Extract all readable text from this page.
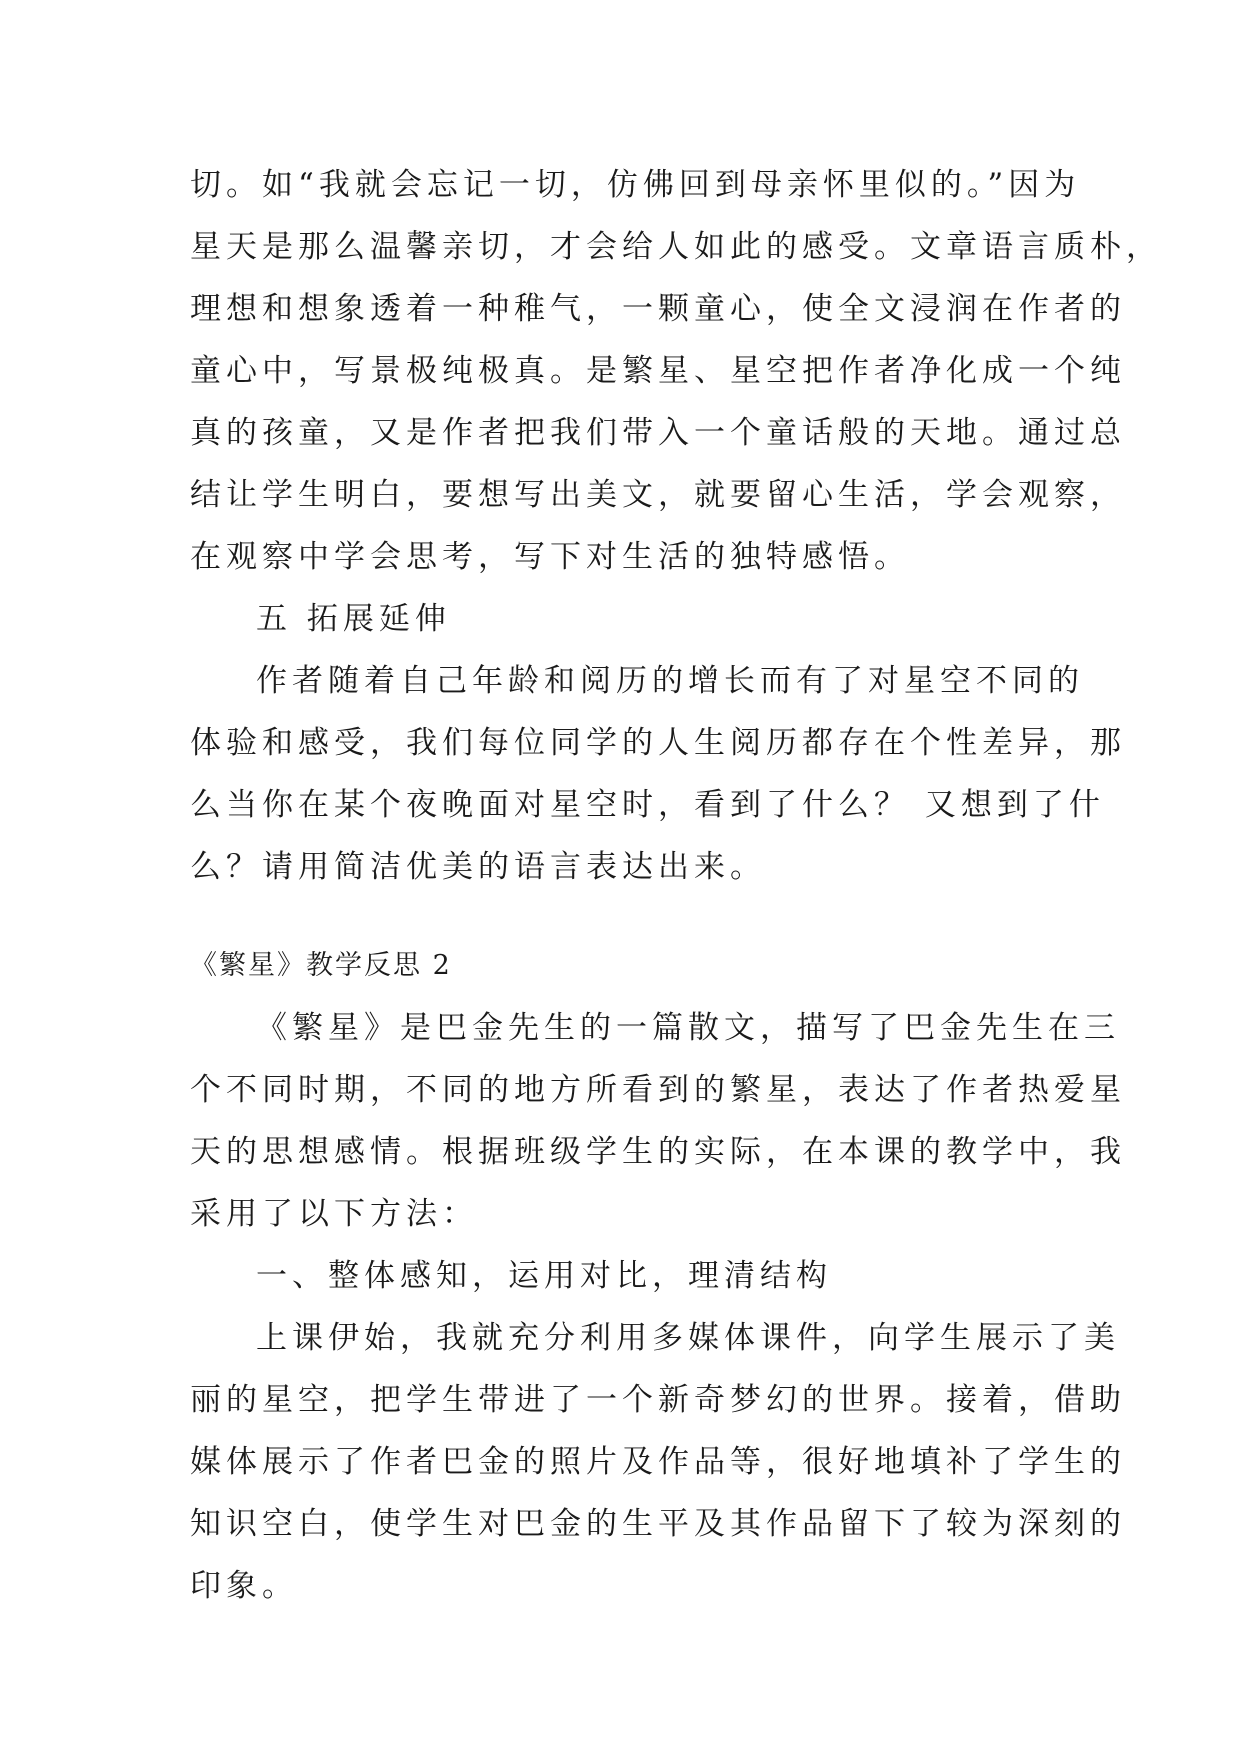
切。如“我就会忘记一切，仿佛回到母亲怀里似的。”因为
星天是那么温馨亲切，才会给人如此的感受。文章语言质朴，
理想和想象透着一种稚气，一颗童心，使全文浸润在作者的
童心中，写景极纯极真。是繁星、星空把作者净化成一个纯
真的孩童，又是作者把我们带入一个童话般的天地。通过总
结让学生明白，要想写出美文，就要留心生活，学会观察，
在观察中学会思考，写下对生活的独特感悟。
五 拓展延伸
作者随着自己年龄和阅历的增长而有了对星空不同的
体验和感受，我们每位同学的人生阅历都存在个性差异，那
么当你在某个夜晚面对星空时，看到了什么？ 又想到了什
么？请用简洁优美的语言表达出来。
《繁星》教学反思 2
《繁星》是巴金先生的一篇散文，描写了巴金先生在三
个不同时期，不同的地方所看到的繁星，表达了作者热爱星
天的思想感情。根据班级学生的实际，在本课的教学中，我
采用了以下方法：
一、整体感知，运用对比，理清结构
上课伊始，我就充分利用多媒体课件，向学生展示了美
丽的星空，把学生带进了一个新奇梦幻的世界。接着，借助
媒体展示了作者巴金的照片及作品等，很好地填补了学生的
知识空白，使学生对巴金的生平及其作品留下了较为深刻的
印象。
